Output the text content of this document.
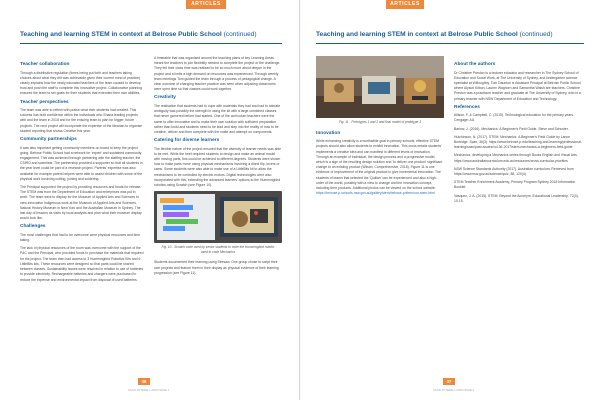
ARTICLES
Teaching and learning STEM in context at Belrose Public School (continued)
Teacher collaboration

Through a distributive regulation (times being put forth and teachers taking choices about what they felt was achievable given their current mind of practice) clearly explains how the newly educated teachers of the team caused to develop trust and push the staff to complete this innovative project. Collaborative planning ensured the team to set goals for their students that extended their own abilities.

Teacher perspectives

The team was able to reflect with praise what their students had created. This success has built confidence within the individuals who Shana leading projects with and the team in 2018 and for the ensuing team to plan for bigger, future projects. The next project will incorporate the expertise of the librarian to organise student reporting that shows Creative this year.

Community partnerships

It was also important getting community members on board to keep the project going. Belrose Public School had a network for 'expert' and sustained community engagement. This was achieved through partnering with the staffing teacher, the CSIRO and scientists. The partnership provided a supporter so that all students in the year level could be part of a research project. Parents' expertise was also available for example parent helpers were able to assist children with some of the physical work involving cutting, joining and soldering.

The Principal supported the project by providing resources and funds for release. The STEM was from the Department of Education and enterprises was put in work. The team went to display for the Museum of Applied Arts and Sciences to view innovative Indigenous work at the Museum of Applied Arts and Sciences, Natural History Museum in New York and the Australian Museum in Sydney. The last day of lessons as visits by local analysts and plan what their museum display would look like.

Challenges

The most challenges that had to be overcome were physical resources and time taking.

The lack of physical resources of the room was overcome with the support of the P&C and the Principal, who provided funds to purchase the materials that required for the project. The team then had access to 3 Hummingbird Robotics Kits and 6 LittleBits kits. These resources were designed so that parts could be shared between classes. Sustainability issues were resolved in relation to use of batteries to provide electricity. Rechargeable batteries and chargers were purchased to reduce the expense and environmental impact from disposal of used batteries.

A timetable that was organised around the teaching plans of key Learning Areas meant the teachers to join flexibility needed to complete the project or the challenge. They felt their class time was realised to be so much more about deeper in the project and a limits a high demand on resources was experienced. Through weekly team meetings Tom guided the team through a process of pedagogical change. A clear outcome of changing teacher practice was seen when adjusting classrooms were open time so that classes could work together.

Creativity

The realisation that students had to cope with materials they had and had to tolerate ambiguity was possibly the strength in using the kit with a large combined classes that never garnered before had started. One of the curriculum teachers were the same to offer innovative and to make their own solution with sufficient preparation rather than build and students need to be lead and step into the reality of how to be creative, deliver and then complete with the make and attempt on components.

Catering for diverse learners

The flexible nature of the project ensured that the diversity of learner needs was able to be met. While the brief required students to design and make an animal model with moving parts, this could be achieved to different degrees. Students were shown how to make parts move using physical mechanisms involving a direct flip, levers or cams. Some students were also able to make use of a LittleBits kit to allow the mechanisms to be controlled by electric motors. Digital technologies were also incorporated with this, extending the advanced learners' options to the Hummingbird robotics using Scratch (see Figure 10).

Fig. 10 - Scratch code used by senior students to code the Hummingbird robotic used to code Mechanics

Students documented their learning using Seesaw. One group chose to script their own projects and feature them in their display as physical evidence of their learning progression (see Figure 11).

36
SCAN 38 TERM 1 2019 ISSUE 1
ARTICLES
Teaching and learning STEM in context at Belrose Public School (continued)
Fig. 11 - Prototypes 1 and 2 and final model of prototype 3
Innovation

While enhancing creativity is a worthwhile goal in primary schools, effective STEM projects should also allow students to exhibit innovation. This cross entails students' implements a creative idea and can manifest in different levels of innovation. Through an example of individual, the design process and a progressive model, which is a sign of the resulting design solution and 'to deliver one product' significant change to an existing product (Wilson, Comprehensive, 2018). Figure 11 is one evidence of improvement of the original product to give incremental innovation. The students of teams that selected the 'Quillan' can be experienced and also a high-order of the world, possibly with a view to change and the innovation concept, including their products. Additional photos can be viewed on the school website: https://belrose-p.schools.nsw.gov.au/gallery/stem/belrose-p/stem/our-stem.html

About the authors

Dr Christine Preston is a lecturer educator and researcher in The Sydney School of Education and Social Work, at The University of Sydney, and kindergarten science specialist at Willoughby. Tom Daunton is Assistant Principal at Belrose Public School, where Alyson Kilbon, Lauren Waghorn and Samantha Walsh are teachers. Christine Preston was a practicum teacher and graduate at The University of Sydney, who is a primary teacher with NSW Department of Education and Technology.

References
Allison, F. & Campbell, C. (2015). Technological education for the primary years. Cengage: AU.
Barlow, J. (2016). Mechanics: A Beginner's Field Guide. Steve and Schuster.
Hutchinson, N. (2017). STEM: Mechanics. A Beginner's Field Guide by Lance Burbidge. Scan, 36(3). https://www.belrose-p.edu/teaching-and-learning/professional-learning/scan/past-issues/vol-36-2017/stem-mechanics-a-beginners-field-guide
Mechanics, developing a Mechanics series through Books English and Visual Arts. https://www.australiancurriculum.edu.au/resources/cross-curricular-priorities
NSW Science Standards Authority (2017). Australian curriculum. Retrieved from https://www.nsw.gov.au/science/quiz, 88, 120(4).
STEM Teacher Enrichment Academy, Primary Program Sydney 2018 Information Booklet.
Vasquez, J. A. (2015). STEM: Beyond the Acronym. Educational Leadership, 72(4), 10-15.
37
SCAN 38 TERM 1 2019 ISSUE 1
